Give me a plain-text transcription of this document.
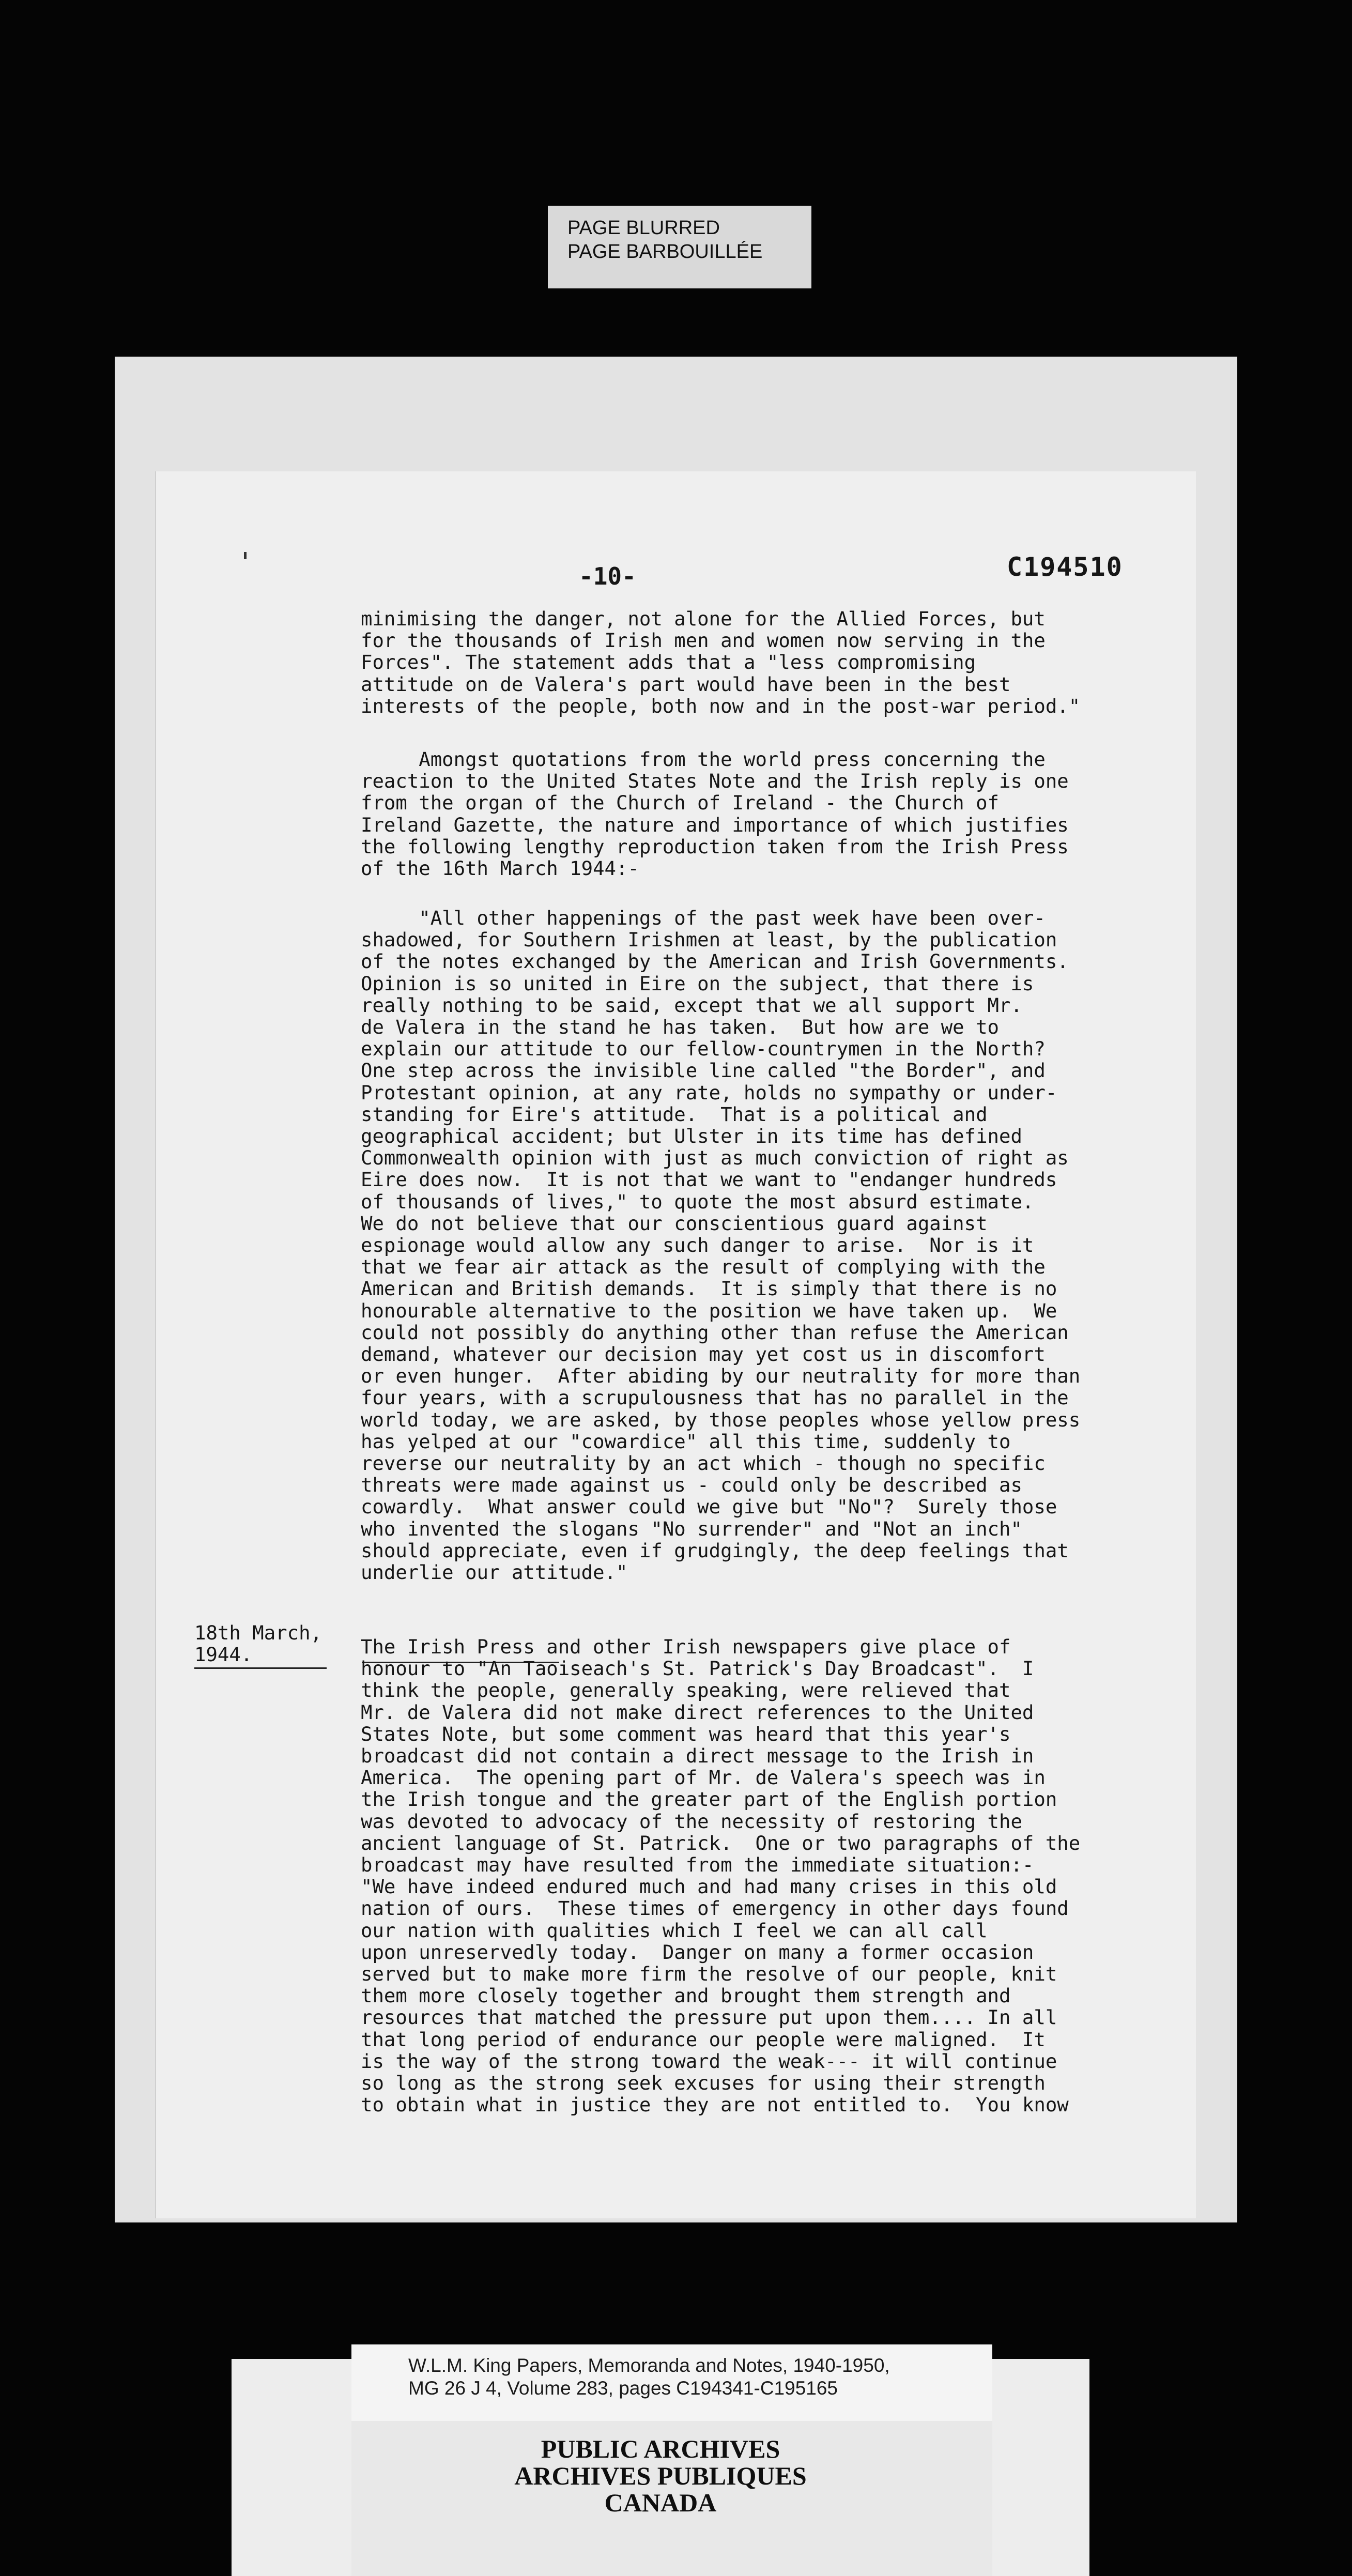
PAGE BLURRED
PAGE BARBOUILLÉE
-10-	C194510
minimising the danger, not alone for the Allied Forces, but
for the thousands of Irish men and women now serving in the
Forces". The statement adds that a "less compromising
attitude on de Valera's part would have been in the best
interests of the people, both now and in the post-war period."
Amongst quotations from the world press concerning the
reaction to the United States Note and the Irish reply is one
from the organ of the Church of Ireland - the Church of
Ireland Gazette, the nature and importance of which justifies
the following lengthy reproduction taken from the Irish Press
of the 16th March 1944:-
"All other happenings of the past week have been over-
shadowed, for Southern Irishmen at least, by the publication
of the notes exchanged by the American and Irish Governments.
Opinion is so united in Eire on the subject, that there is
really nothing to be said, except that we all support Mr.
de Valera in the stand he has taken.  But how are we to
explain our attitude to our fellow-countrymen in the North?
One step across the invisible line called "the Border", and
Protestant opinion, at any rate, holds no sympathy or under-
standing for Eire's attitude.  That is a political and
geographical accident; but Ulster in its time has defined
Commonwealth opinion with just as much conviction of right as
Eire does now.  It is not that we want to "endanger hundreds
of thousands of lives," to quote the most absurd estimate.
We do not believe that our conscientious guard against
espionage would allow any such danger to arise.  Nor is it
that we fear air attack as the result of complying with the
American and British demands.  It is simply that there is no
honourable alternative to the position we have taken up.  We
could not possibly do anything other than refuse the American
demand, whatever our decision may yet cost us in discomfort
or even hunger.  After abiding by our neutrality for more than
four years, with a scrupulousness that has no parallel in the
world today, we are asked, by those peoples whose yellow press
has yelped at our "cowardice" all this time, suddenly to
reverse our neutrality by an act which - though no specific
threats were made against us - could only be described as
cowardly.  What answer could we give but "No"?  Surely those
who invented the slogans "No surrender" and "Not an inch"
should appreciate, even if grudgingly, the deep feelings that
underlie our attitude."
18th March,
1944.	The Irish Press and other Irish newspapers give place of
honour to "An Taoiseach's St. Patrick's Day Broadcast".  I
think the people, generally speaking, were relieved that
Mr. de Valera did not make direct references to the United
States Note, but some comment was heard that this year's
broadcast did not contain a direct message to the Irish in
America.  The opening part of Mr. de Valera's speech was in
the Irish tongue and the greater part of the English portion
was devoted to advocacy of the necessity of restoring the
ancient language of St. Patrick.  One or two paragraphs of the
broadcast may have resulted from the immediate situation:-
"We have indeed endured much and had many crises in this old
nation of ours.  These times of emergency in other days found
our nation with qualities which I feel we can all call
upon unreservedly today.  Danger on many a former occasion
served but to make more firm the resolve of our people, knit
them more closely together and brought them strength and
resources that matched the pressure put upon them.... In all
that long period of endurance our people were maligned.  It
is the way of the strong toward the weak--- it will continue
so long as the strong seek excuses for using their strength
to obtain what in justice they are not entitled to.  You know
W.L.M. King Papers, Memoranda and Notes, 1940-1950,
MG 26 J 4, Volume 283, pages C194341-C195165
PUBLIC ARCHIVES
ARCHIVES PUBLIQUES
CANADA
